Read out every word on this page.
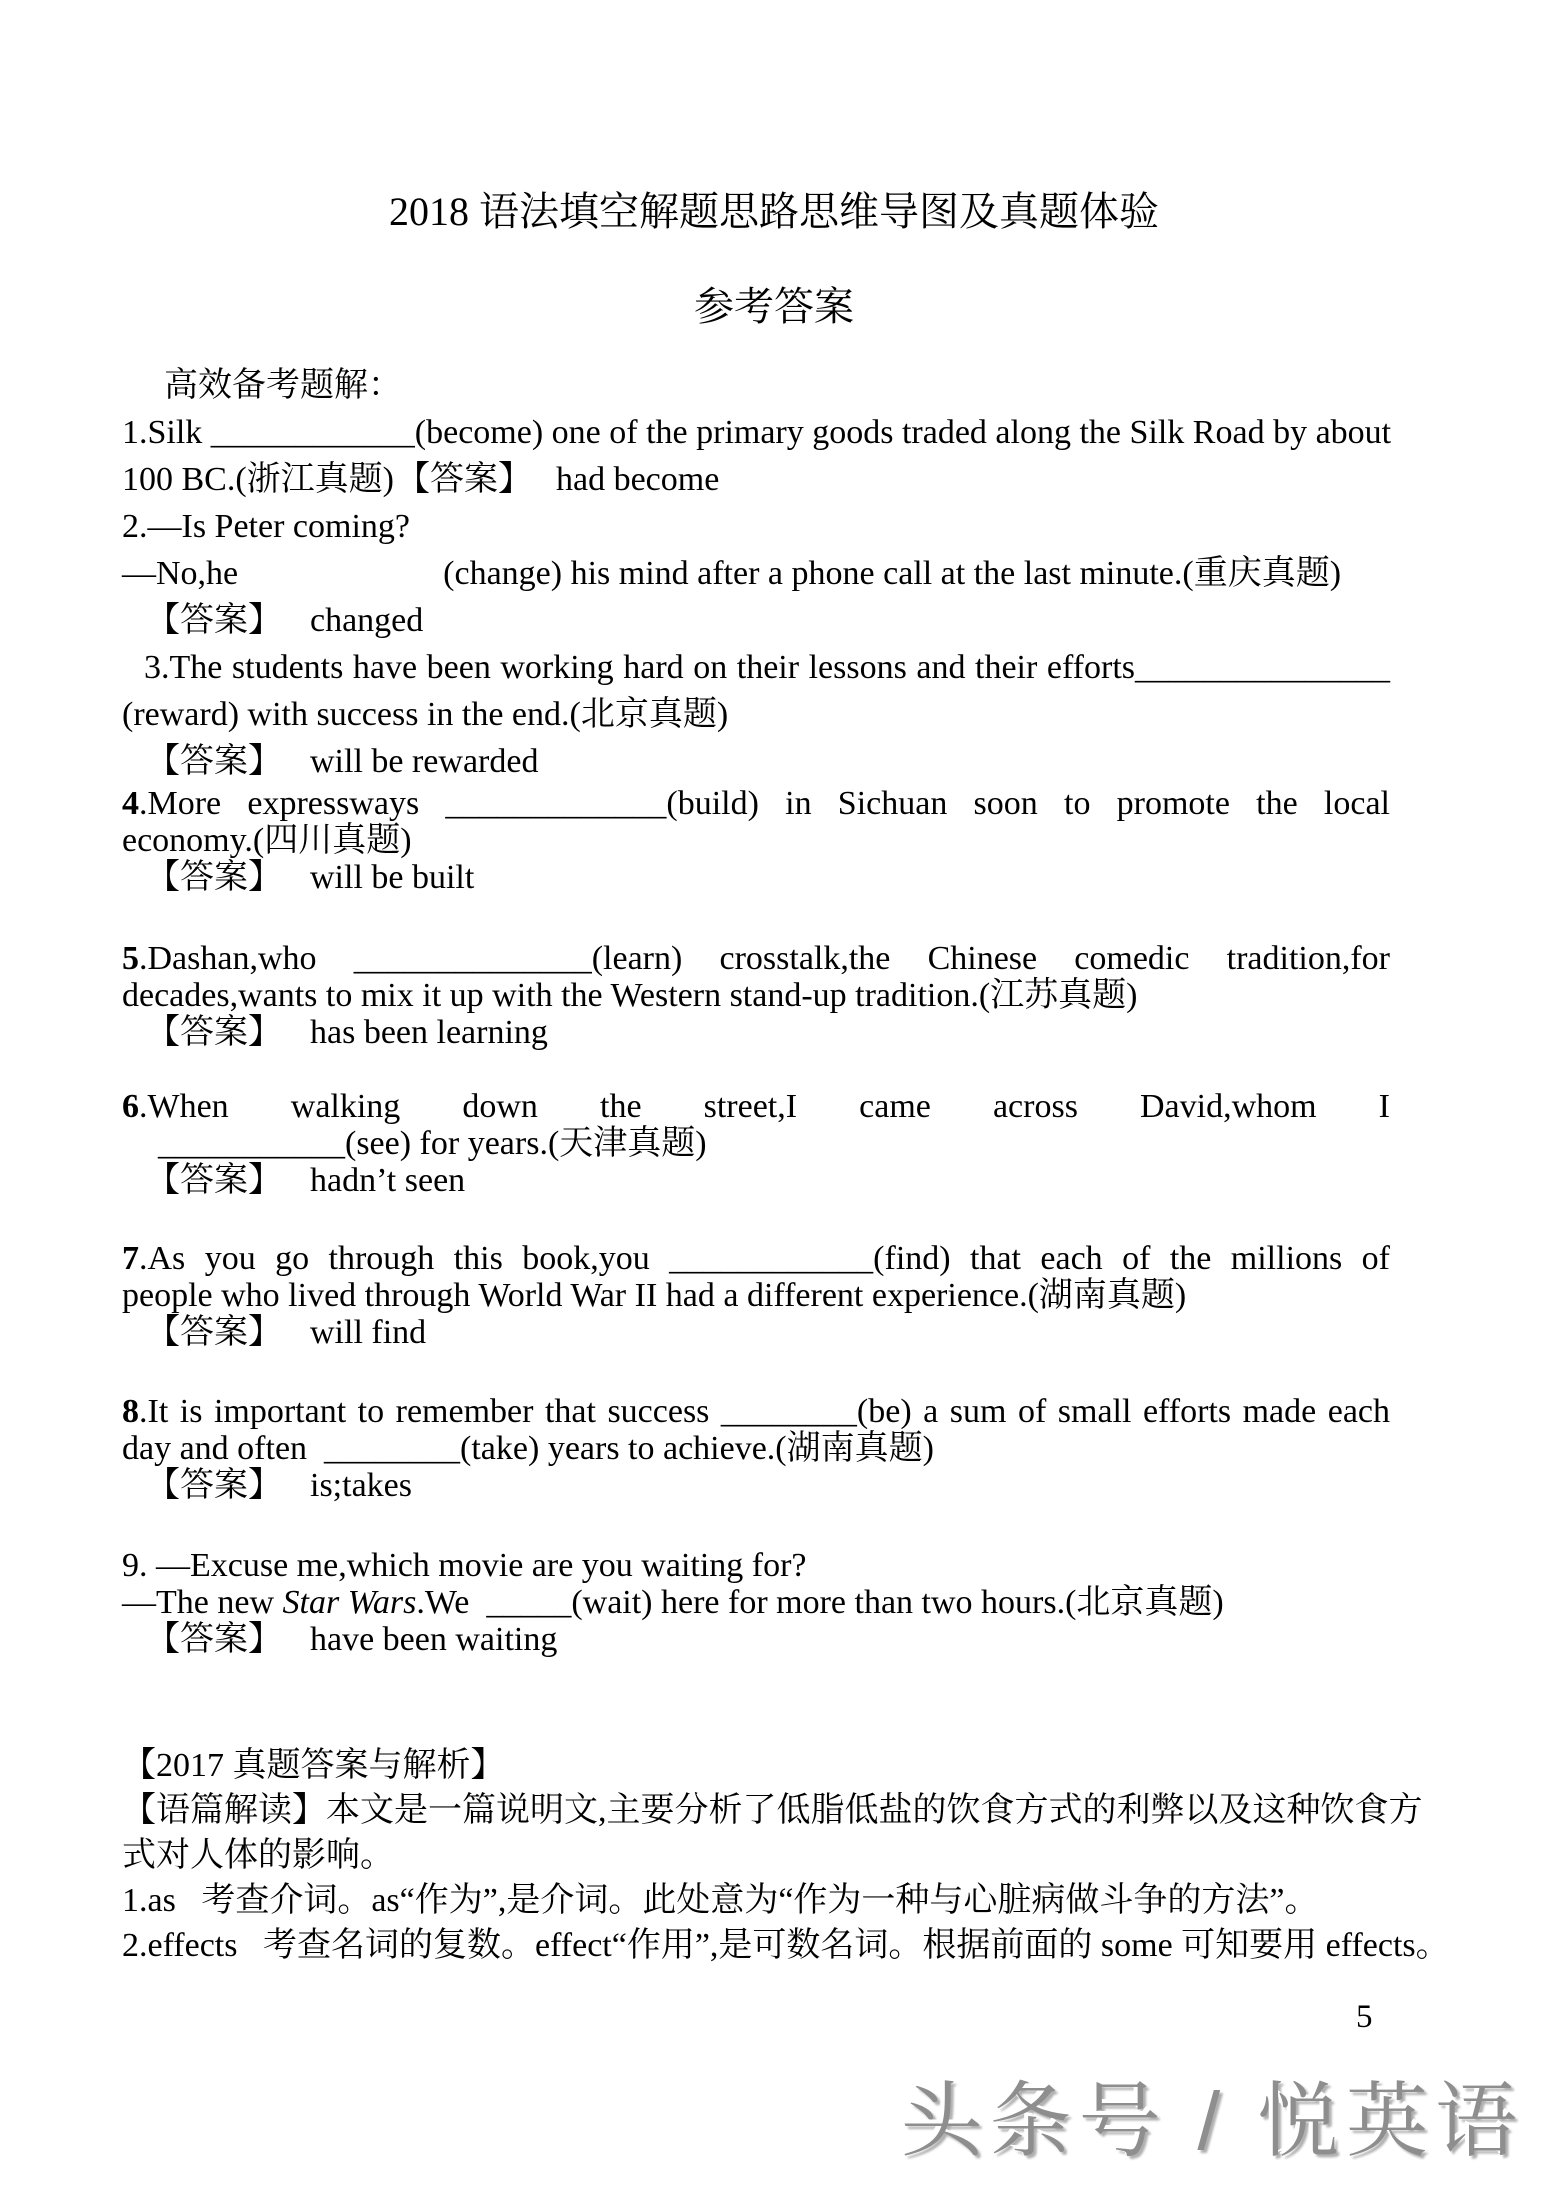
2018 语法填空解题思路思维导图及真题体验
参考答案
高效备考题解：
1.Silk ____________(become) one of the primary goods traded along the Silk Road by about
100 BC.(浙江真题)【答案】 had become
2.—Is Peter coming?
—No,he	(change) his mind after a phone call at the last minute.(重庆真题)
【答案】 changed
3.The students have been working hard on their lessons and their efforts_______________
(reward) with success in the end.(北京真题)
【答案】 will be rewarded
4.More expressways _____________(build) in Sichuan soon to promote the local
economy.(四川真题)
【答案】 will be built
5.Dashan,who ______________(learn) crosstalk,the Chinese comedic tradition,for
decades,wants to mix it up with the Western stand-up tradition.(江苏真题)
【答案】 has been learning
6.When walking down the street,I came across David,whom I
___________(see) for years.(天津真题)
【答案】 hadn’t seen
7.As you go through this book,you ____________(find) that each of the millions of
people who lived through World War II had a different experience.(湖南真题)
【答案】 will find
8.It is important to remember that success ________(be) a sum of small efforts made each
day and often  ________(take) years to achieve.(湖南真题)
【答案】 is;takes
9. —Excuse me,which movie are you waiting for?
—The new Star Wars.We  _____(wait) here for more than two hours.(北京真题)
【答案】 have been waiting
【2017 真题答案与解析】
【语篇解读】本文是一篇说明文,主要分析了低脂低盐的饮食方式的利弊以及这种饮食方
式对人体的影响。
1.as   考查介词。as“作为”,是介词。此处意为“作为一种与心脏病做斗争的方法”。
2.effects   考查名词的复数。effect“作用”,是可数名词。根据前面的 some 可知要用 effects。
5
头条号 / 悦英语
